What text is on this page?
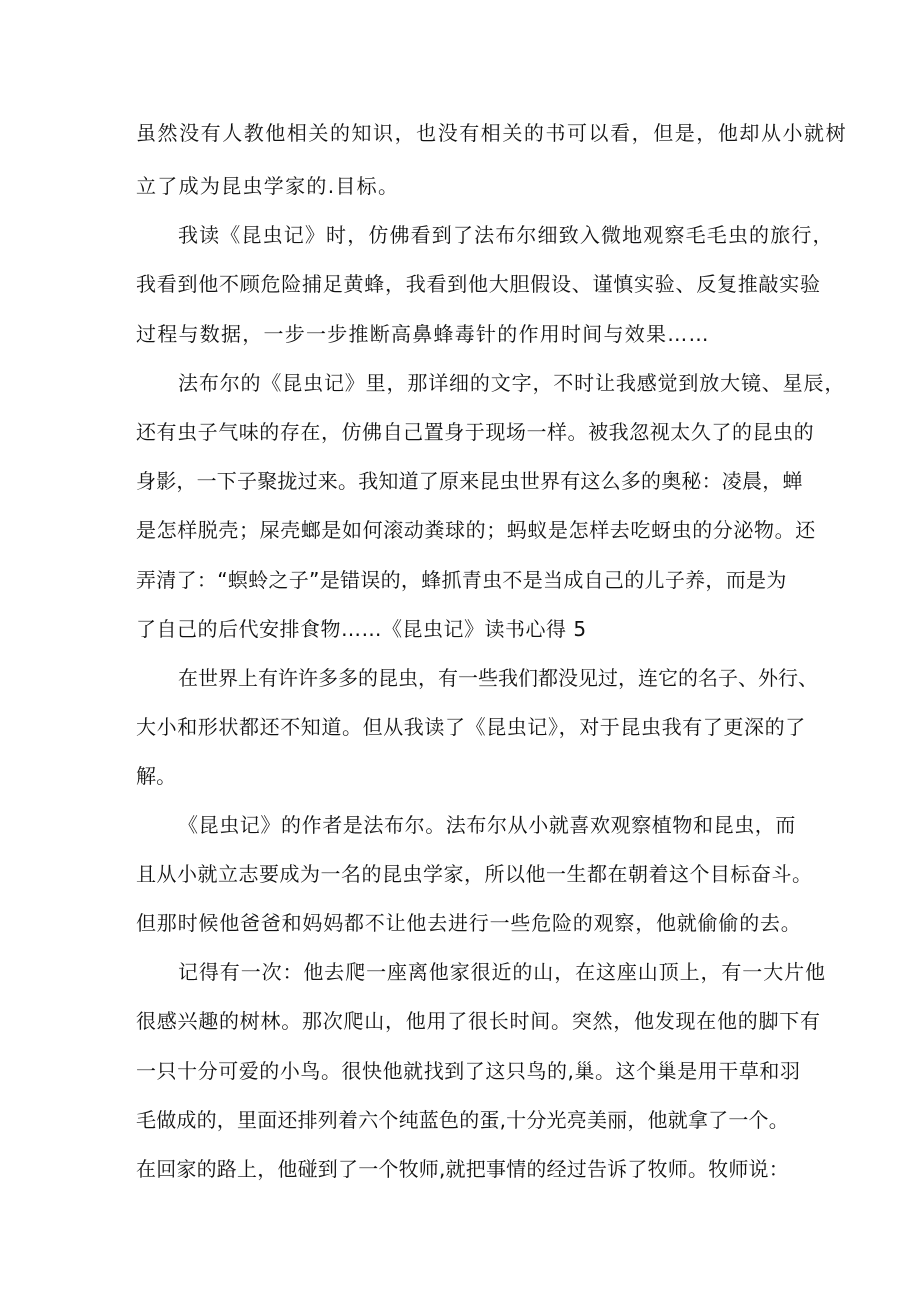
虽然没有人教他相关的知识，也没有相关的书可以看，但是，他却从小就树

立了成为昆虫学家的.目标。

我读《昆虫记》时，仿佛看到了法布尔细致入微地观察毛毛虫的旅行，

我看到他不顾危险捕足黄蜂，我看到他大胆假设、谨慎实验、反复推敲实验

过程与数据，一步一步推断高鼻蜂毒针的作用时间与效果……

法布尔的《昆虫记》里，那详细的文字，不时让我感觉到放大镜、星辰，

还有虫子气味的存在，仿佛自己置身于现场一样。被我忽视太久了的昆虫的

身影，一下子聚拢过来。我知道了原来昆虫世界有这么多的奥秘：凌晨，蝉

是怎样脱壳；屎壳螂是如何滚动粪球的；蚂蚁是怎样去吃蚜虫的分泌物。还

弄清了：“螟蛉之子”是错误的，蜂抓青虫不是当成自己的儿子养，而是为

了自己的后代安排食物……《昆虫记》读书心得 5

在世界上有许许多多的昆虫，有一些我们都没见过，连它的名子、外行、

大小和形状都还不知道。但从我读了《昆虫记》，对于昆虫我有了更深的了

解。

《昆虫记》的作者是法布尔。法布尔从小就喜欢观察植物和昆虫，而

且从小就立志要成为一名的昆虫学家，所以他一生都在朝着这个目标奋斗。

但那时候他爸爸和妈妈都不让他去进行一些危险的观察，他就偷偷的去。

记得有一次：他去爬一座离他家很近的山，在这座山顶上，有一大片他

很感兴趣的树林。那次爬山，他用了很长时间。突然，他发现在他的脚下有

一只十分可爱的小鸟。很快他就找到了这只鸟的,巢。这个巢是用干草和羽

毛做成的，里面还排列着六个纯蓝色的蛋,十分光亮美丽，他就拿了一个。

在回家的路上，他碰到了一个牧师,就把事情的经过告诉了牧师。牧师说：
